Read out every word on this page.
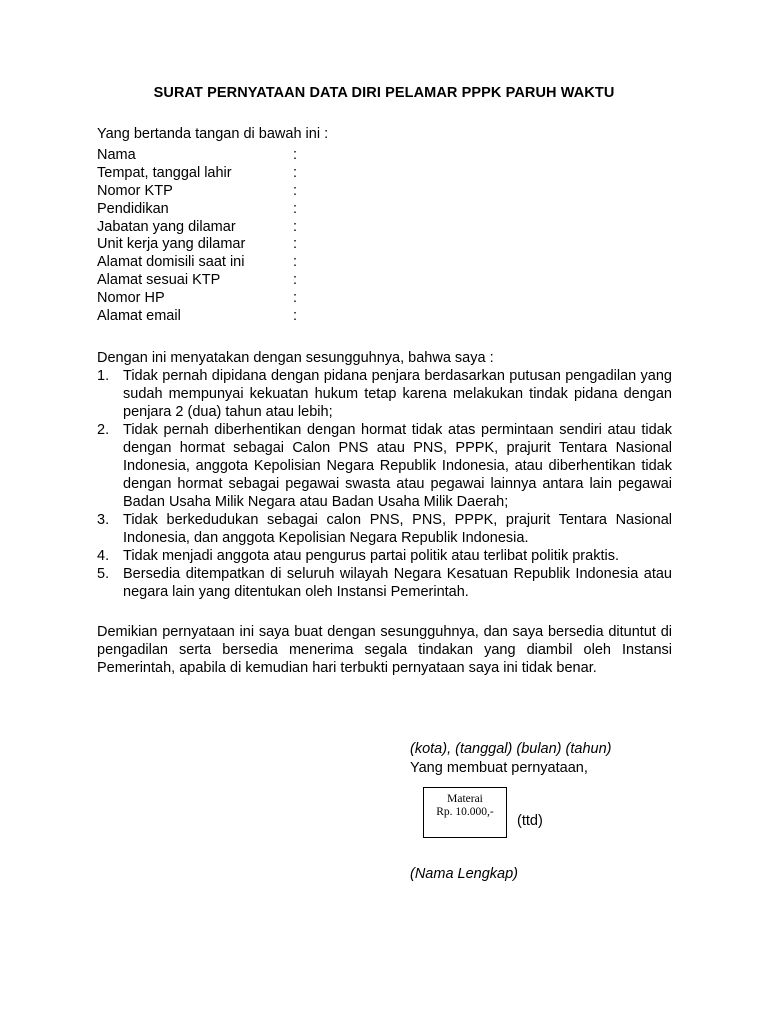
SURAT PERNYATAAN DATA DIRI PELAMAR PPPK PARUH WAKTU
Yang bertanda tangan di bawah ini :
Nama	:
Tempat, tanggal lahir	:
Nomor KTP	:
Pendidikan	:
Jabatan yang dilamar	:
Unit kerja yang dilamar	:
Alamat domisili saat ini	:
Alamat sesuai KTP	:
Nomor HP	:
Alamat email	:
Dengan ini menyatakan dengan sesungguhnya, bahwa saya :
1. Tidak pernah dipidana dengan pidana penjara berdasarkan putusan pengadilan yang sudah mempunyai kekuatan hukum tetap karena melakukan tindak pidana dengan penjara 2 (dua) tahun atau lebih;
2. Tidak pernah diberhentikan dengan hormat tidak atas permintaan sendiri atau tidak dengan hormat sebagai Calon PNS atau PNS, PPPK, prajurit Tentara Nasional Indonesia, anggota Kepolisian Negara Republik Indonesia, atau diberhentikan tidak dengan hormat sebagai pegawai swasta atau pegawai lainnya antara lain pegawai Badan Usaha Milik Negara atau Badan Usaha Milik Daerah;
3. Tidak berkedudukan sebagai calon PNS, PNS, PPPK, prajurit Tentara Nasional Indonesia, dan anggota Kepolisian Negara Republik Indonesia.
4. Tidak menjadi anggota atau pengurus partai politik atau terlibat politik praktis.
5. Bersedia ditempatkan di seluruh wilayah Negara Kesatuan Republik Indonesia atau negara lain yang ditentukan oleh Instansi Pemerintah.
Demikian pernyataan ini saya buat dengan sesungguhnya, dan saya bersedia dituntut di pengadilan serta bersedia menerima segala tindakan yang diambil oleh Instansi Pemerintah, apabila di kemudian hari terbukti pernyataan saya ini tidak benar.
(kota), (tanggal) (bulan) (tahun)
Yang membuat pernyataan,
Materai
Rp. 10.000,-
(ttd)
(Nama Lengkap)
